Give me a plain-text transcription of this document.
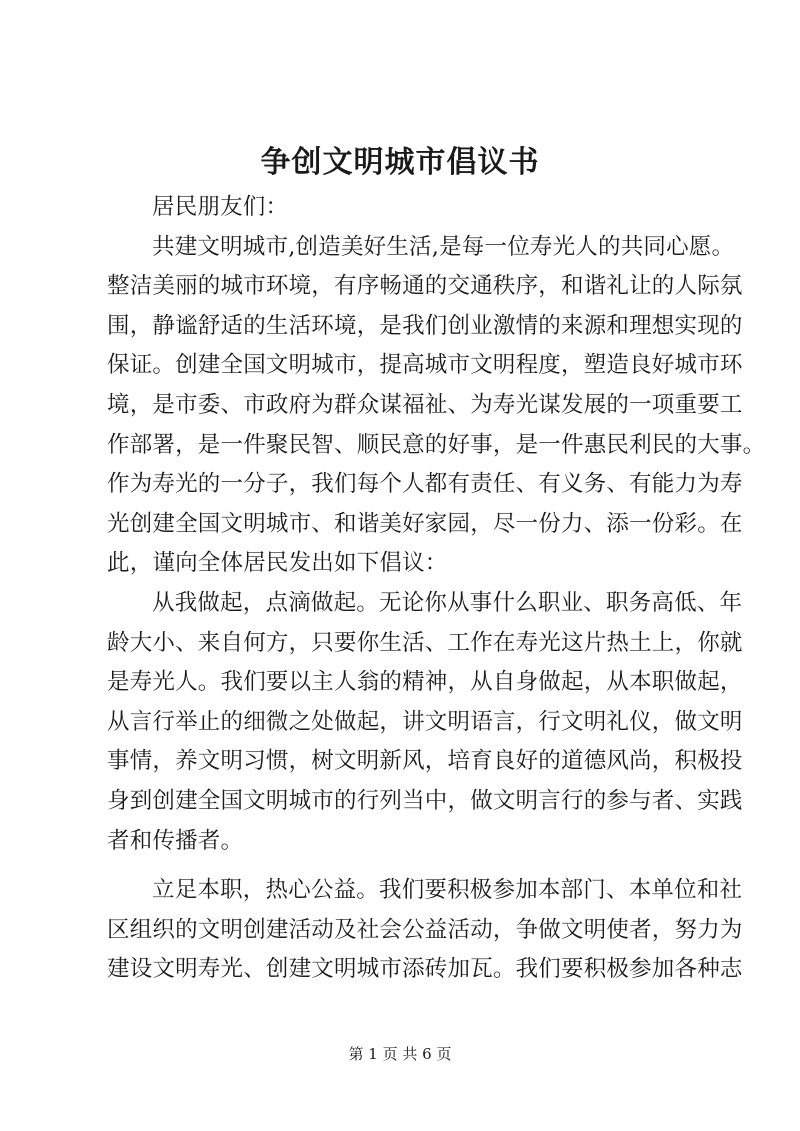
争创文明城市倡议书
居民朋友们：
共建文明城市,创造美好生活,是每一位寿光人的共同心愿。
整洁美丽的城市环境，有序畅通的交通秩序，和谐礼让的人际氛
围，静谧舒适的生活环境，是我们创业激情的来源和理想实现的
保证。创建全国文明城市，提高城市文明程度，塑造良好城市环
境，是市委、市政府为群众谋福祉、为寿光谋发展的一项重要工
作部署，是一件聚民智、顺民意的好事，是一件惠民利民的大事。
作为寿光的一分子，我们每个人都有责任、有义务、有能力为寿
光创建全国文明城市、和谐美好家园，尽一份力、添一份彩。在
此，谨向全体居民发出如下倡议：
从我做起，点滴做起。无论你从事什么职业、职务高低、年
龄大小、来自何方，只要你生活、工作在寿光这片热土上，你就
是寿光人。我们要以主人翁的精神，从自身做起，从本职做起，
从言行举止的细微之处做起，讲文明语言，行文明礼仪，做文明
事情，养文明习惯，树文明新风，培育良好的道德风尚，积极投
身到创建全国文明城市的行列当中，做文明言行的参与者、实践
者和传播者。
立足本职，热心公益。我们要积极参加本部门、本单位和社
区组织的文明创建活动及社会公益活动，争做文明使者，努力为
建设文明寿光、创建文明城市添砖加瓦。我们要积极参加各种志
第 1 页 共 6 页
